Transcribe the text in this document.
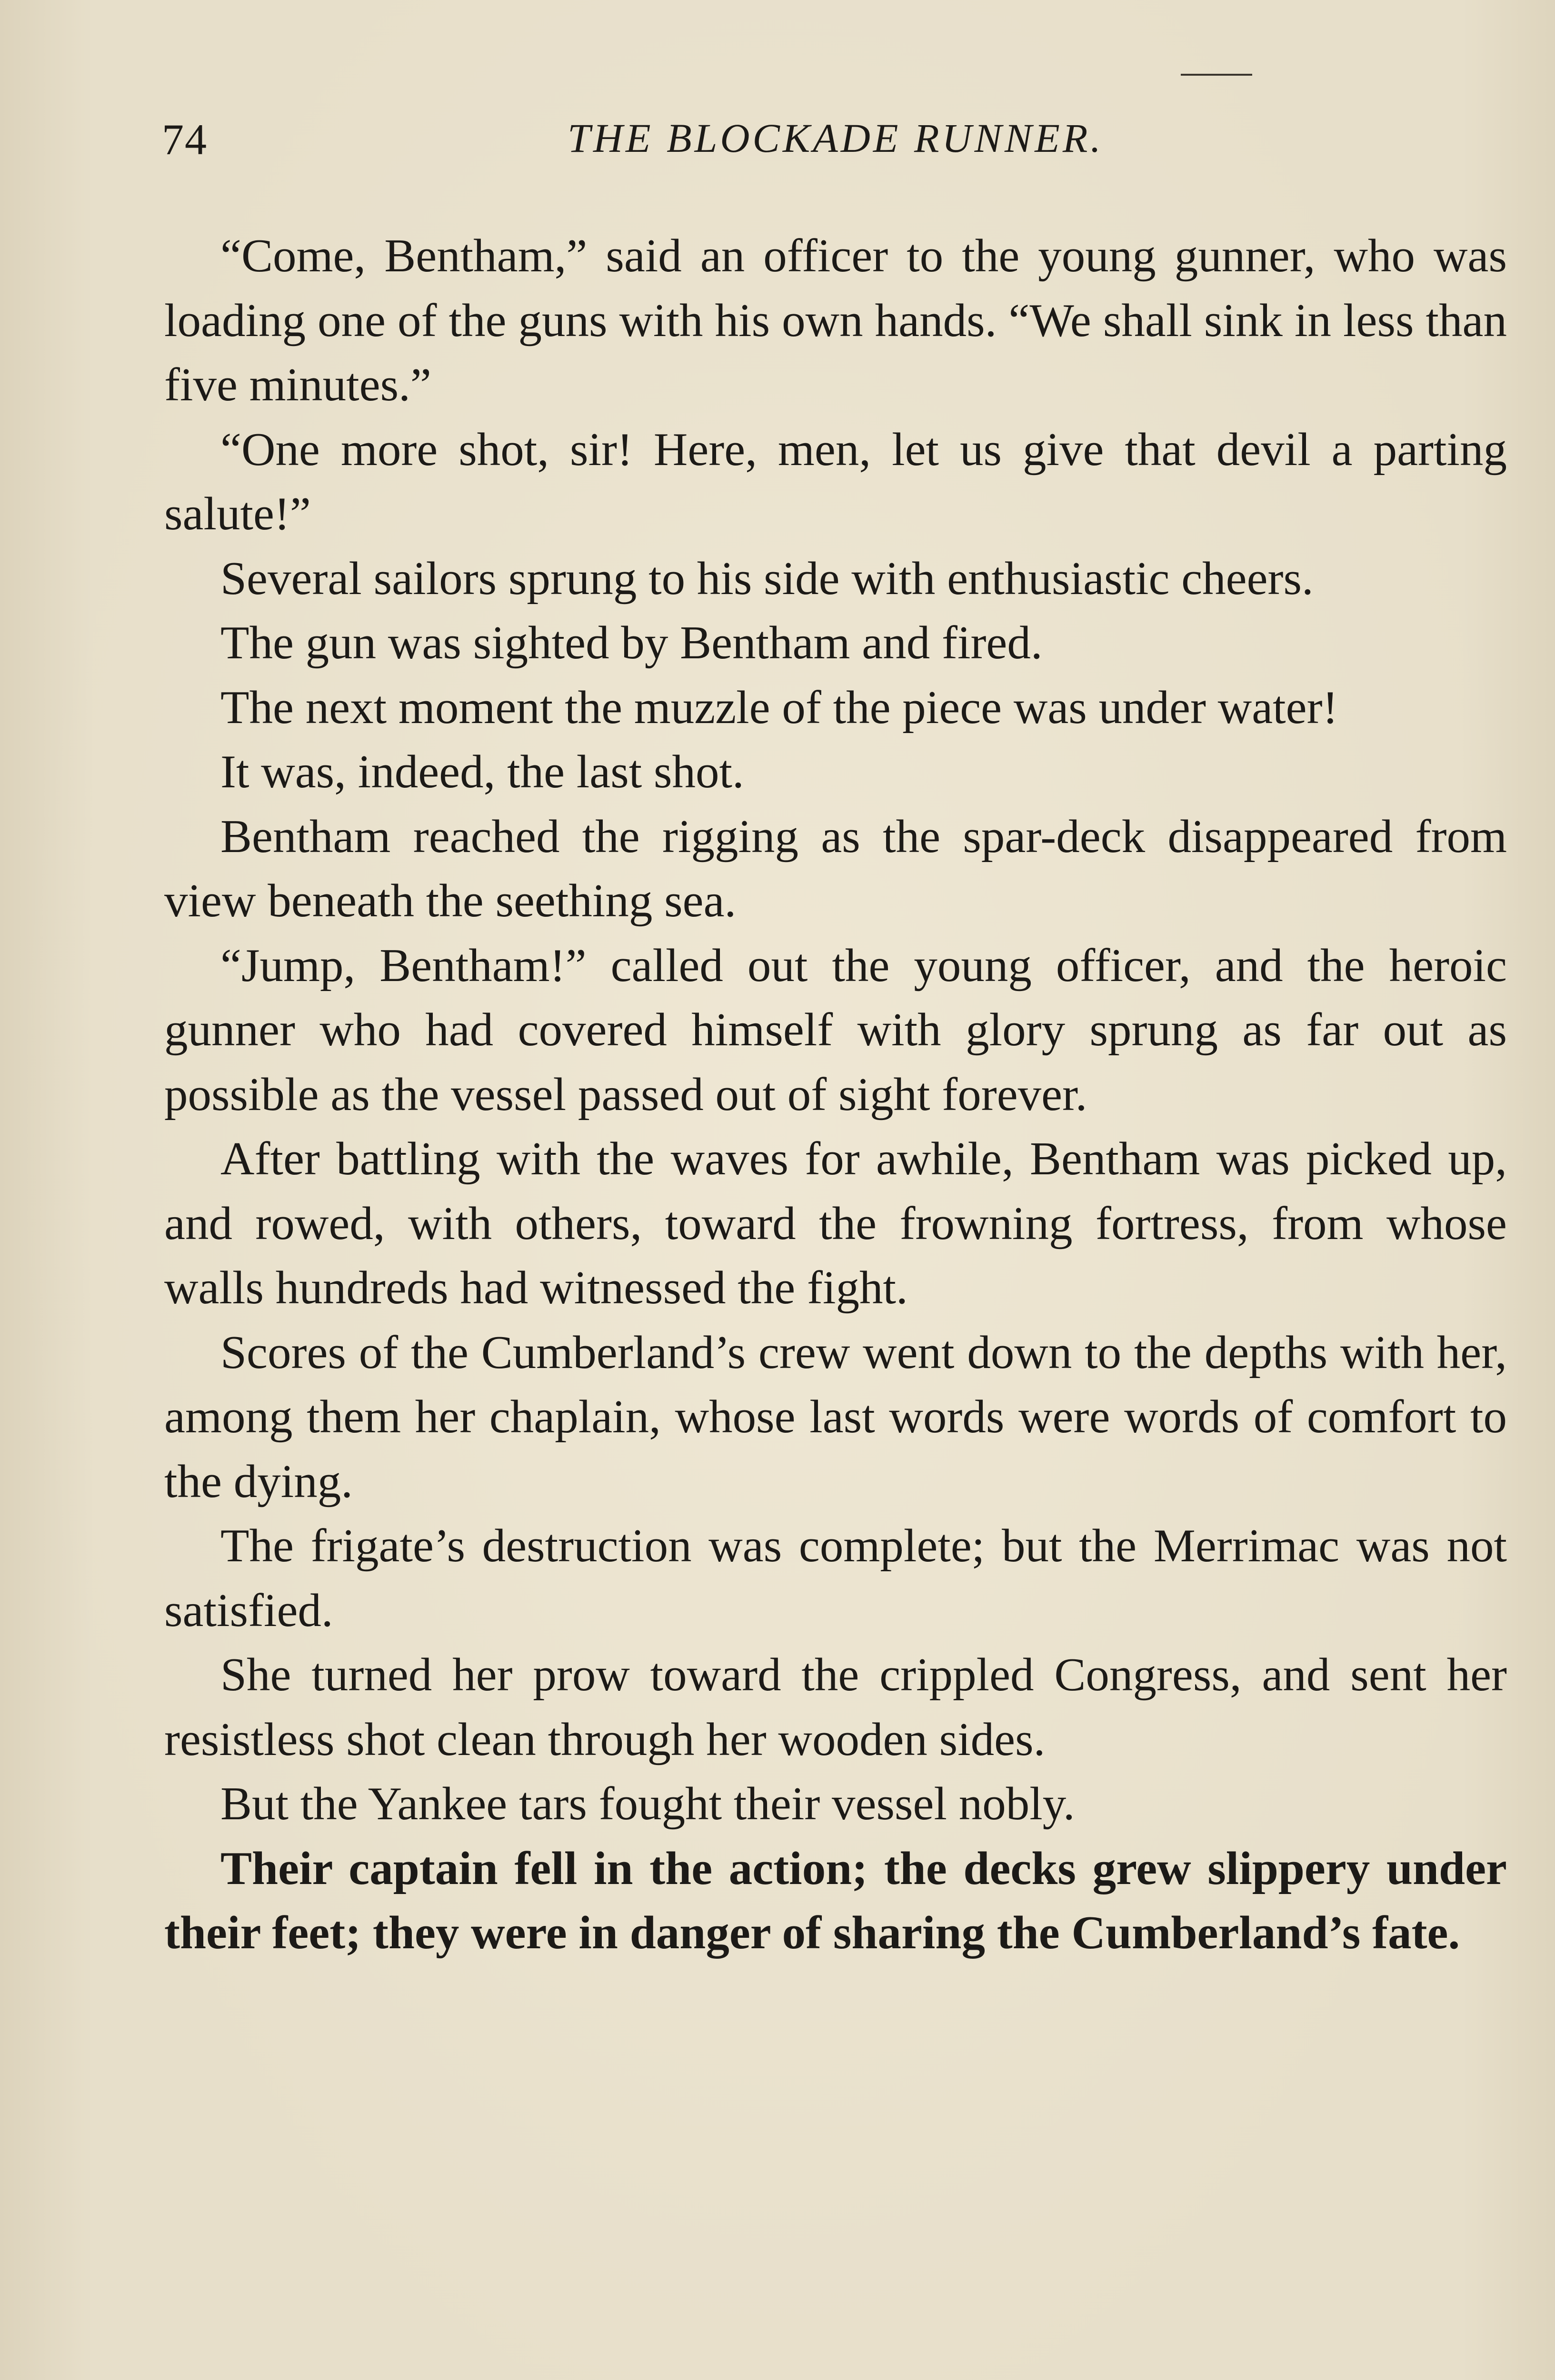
74	THE BLOCKADE RUNNER.

“Come, Bentham,” said an officer to the young gunner, who was loading one of the guns with his own hands. “We shall sink in less than five minutes.”

“One more shot, sir! Here, men, let us give that devil a parting salute!”

Several sailors sprung to his side with enthusiastic cheers.

The gun was sighted by Bentham and fired.

The next moment the muzzle of the piece was under water!

It was, indeed, the last shot.

Bentham reached the rigging as the spar-deck disappeared from view beneath the seething sea.

“Jump, Bentham!” called out the young officer, and the heroic gunner who had covered himself with glory sprung as far out as possible as the vessel passed out of sight forever.

After battling with the waves for awhile, Bentham was picked up, and rowed, with others, toward the frowning fortress, from whose walls hundreds had witnessed the fight.

Scores of the Cumberland’s crew went down to the depths with her, among them her chaplain, whose last words were words of comfort to the dying.

The frigate’s destruction was complete; but the Merrimac was not satisfied.

She turned her prow toward the crippled Congress, and sent her resistless shot clean through her wooden sides.

But the Yankee tars fought their vessel nobly.

Their captain fell in the action; the decks grew slippery under their feet; they were in danger of sharing the Cumberland’s fate.
